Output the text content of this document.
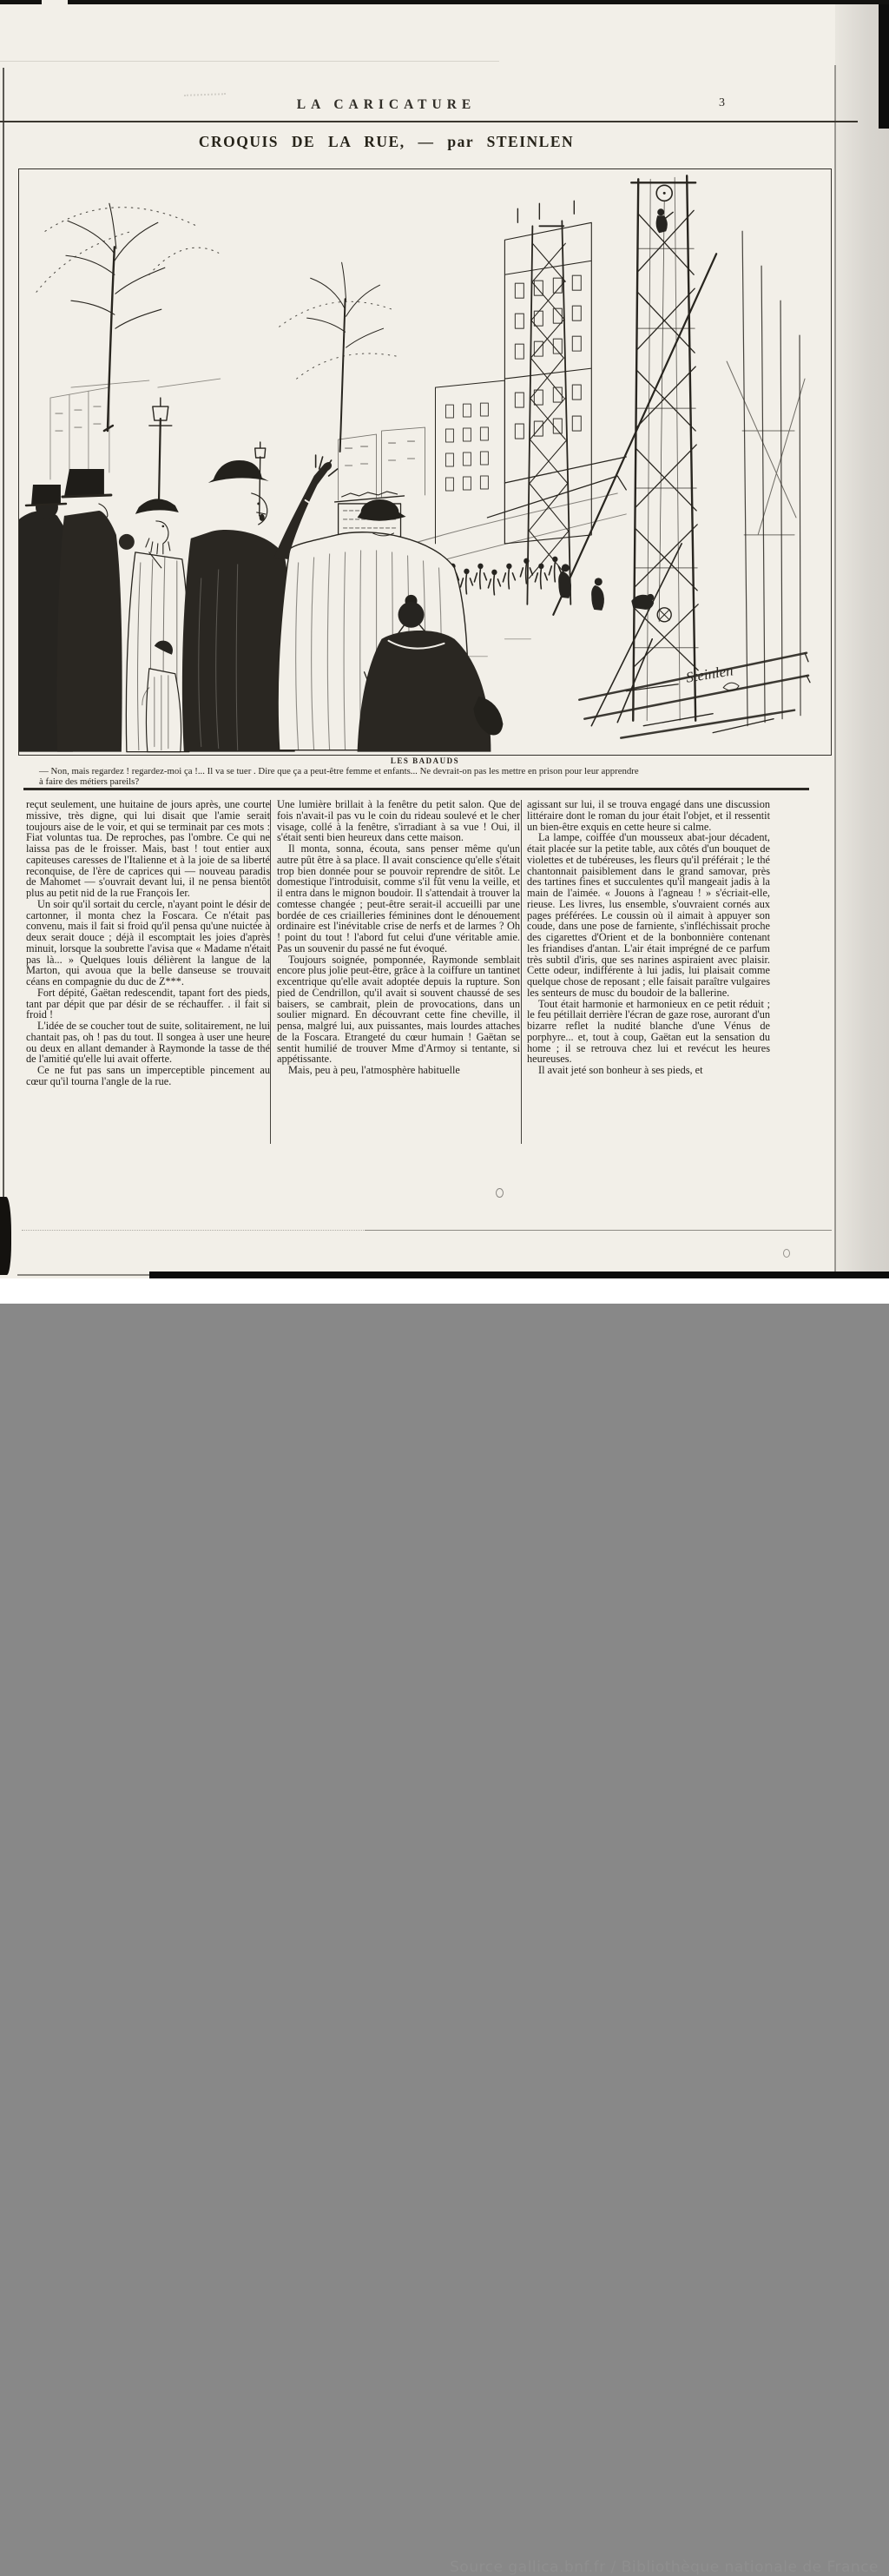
LA CARICATURE	3
CROQUIS DE LA RUE, — par STEINLEN
Steinlen
LES BADAUDS
— Non, mais regardez ! regardez-moi ça !... Il va se tuer . Dire que ça a peut-être femme et enfants... Ne devrait-on pas les mettre en prison pour leur apprendre
à faire des métiers pareils?

reçut seulement, une huitaine de jours après, une courte missive, très digne, qui lui disait que l'amie serait toujours aise de le voir, et qui se terminait par ces mots : Fiat voluntas tua. De reproches, pas l'ombre. Ce qui ne laissa pas de le froisser. Mais, bast ! tout entier aux capiteuses caresses de l'Italienne et à la joie de sa liberté reconquise, de l'ère de caprices qui — nouveau paradis de Mahomet — s'ouvrait devant lui, il ne pensa bientôt plus au petit nid de la rue François Ier.

Un soir qu'il sortait du cercle, n'ayant point le désir de cartonner, il monta chez la Foscara. Ce n'était pas convenu, mais il fait si froid qu'il pensa qu'une nuictée à deux serait douce ; déjà il escomptait les joies d'après minuit, lorsque la soubrette l'avisa que « Madame n'était pas là... » Quelques louis délièrent la langue de la Marton, qui avoua que la belle danseuse se trouvait céans en compagnie du duc de Z***.

Fort dépité, Gaëtan redescendit, tapant fort des pieds, tant par dépit que par désir de se réchauffer. . il fait si froid !

L'idée de se coucher tout de suite, solitairement, ne lui chantait pas, oh ! pas du tout. Il songea à user une heure ou deux en allant demander à Raymonde la tasse de thé de l'amitié qu'elle lui avait offerte.

Ce ne fut pas sans un imperceptible pincement au cœur qu'il tourna l'angle de la rue.

Une lumière brillait à la fenêtre du petit salon. Que de fois n'avait-il pas vu le coin du rideau soulevé et le cher visage, collé à la fenêtre, s'irradiant à sa vue ! Oui, il s'était senti bien heureux dans cette maison.

Il monta, sonna, écouta, sans penser même qu'un autre pût être à sa place. Il avait conscience qu'elle s'était trop bien donnée pour se pouvoir reprendre de sitôt. Le domestique l'introduisit, comme s'il fût venu la veille, et il entra dans le mignon boudoir. Il s'attendait à trouver la comtesse changée ; peut-être serait-il accueilli par une bordée de ces criailleries féminines dont le dénouement ordinaire est l'inévitable crise de nerfs et de larmes ? Oh ! point du tout ! l'abord fut celui d'une véritable amie. Pas un souvenir du passé ne fut évoqué.

Toujours soignée, pomponnée, Raymonde semblait encore plus jolie peut-être, grâce à la coiffure un tantinet excentrique qu'elle avait adoptée depuis la rupture. Son pied de Cendrillon, qu'il avait si souvent chaussé de ses baisers, se cambrait, plein de provocations, dans un soulier mignard. En découvrant cette fine cheville, il pensa, malgré lui, aux puissantes, mais lourdes attaches de la Foscara. Etrangeté du cœur humain ! Gaëtan se sentit humilié de trouver Mme d'Armoy si tentante, si appétissante.

Mais, peu à peu, l'atmosphère habituelle

agissant sur lui, il se trouva engagé dans une discussion littéraire dont le roman du jour était l'objet, et il ressentit un bien-être exquis en cette heure si calme.

La lampe, coiffée d'un mousseux abat-jour décadent, était placée sur la petite table, aux côtés d'un bouquet de violettes et de tubéreuses, les fleurs qu'il préférait ; le thé chantonnait paisiblement dans le grand samovar, près des tartines fines et succulentes qu'il mangeait jadis à la main de l'aimée. « Jouons à l'agneau ! » s'écriait-elle, rieuse. Les livres, lus ensemble, s'ouvraient cornés aux pages préférées. Le coussin où il aimait à appuyer son coude, dans une pose de farniente, s'infléchissait proche des cigarettes d'Orient et de la bonbonnière contenant les friandises d'antan. L'air était imprégné de ce parfum très subtil d'iris, que ses narines aspiraient avec plaisir. Cette odeur, indifférente à lui jadis, lui plaisait comme quelque chose de reposant ; elle faisait paraître vulgaires les senteurs de musc du boudoir de la ballerine.

Tout était harmonie et harmonieux en ce petit réduit ; le feu pétillait derrière l'écran de gaze rose, aurorant d'un bizarre reflet la nudité blanche d'une Vénus de porphyre... et, tout à coup, Gaëtan eut la sensation du home ; il se retrouva chez lui et revécut les heures heureuses.

Il avait jeté son bonheur à ses pieds, et

Source gallica.bnf.fr / Bibliothèque nationale de France
